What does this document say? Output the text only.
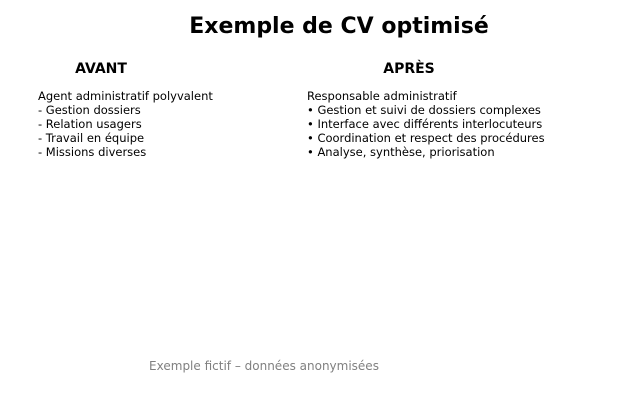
Exemple de CV optimisé
AVANT	APRÈS
Agent administratif polyvalent
- Gestion dossiers
- Relation usagers
- Travail en équipe
- Missions diverses
Responsable administratif
• Gestion et suivi de dossiers complexes
• Interface avec différents interlocuteurs
• Coordination et respect des procédures
• Analyse, synthèse, priorisation
Exemple fictif – données anonymisées
